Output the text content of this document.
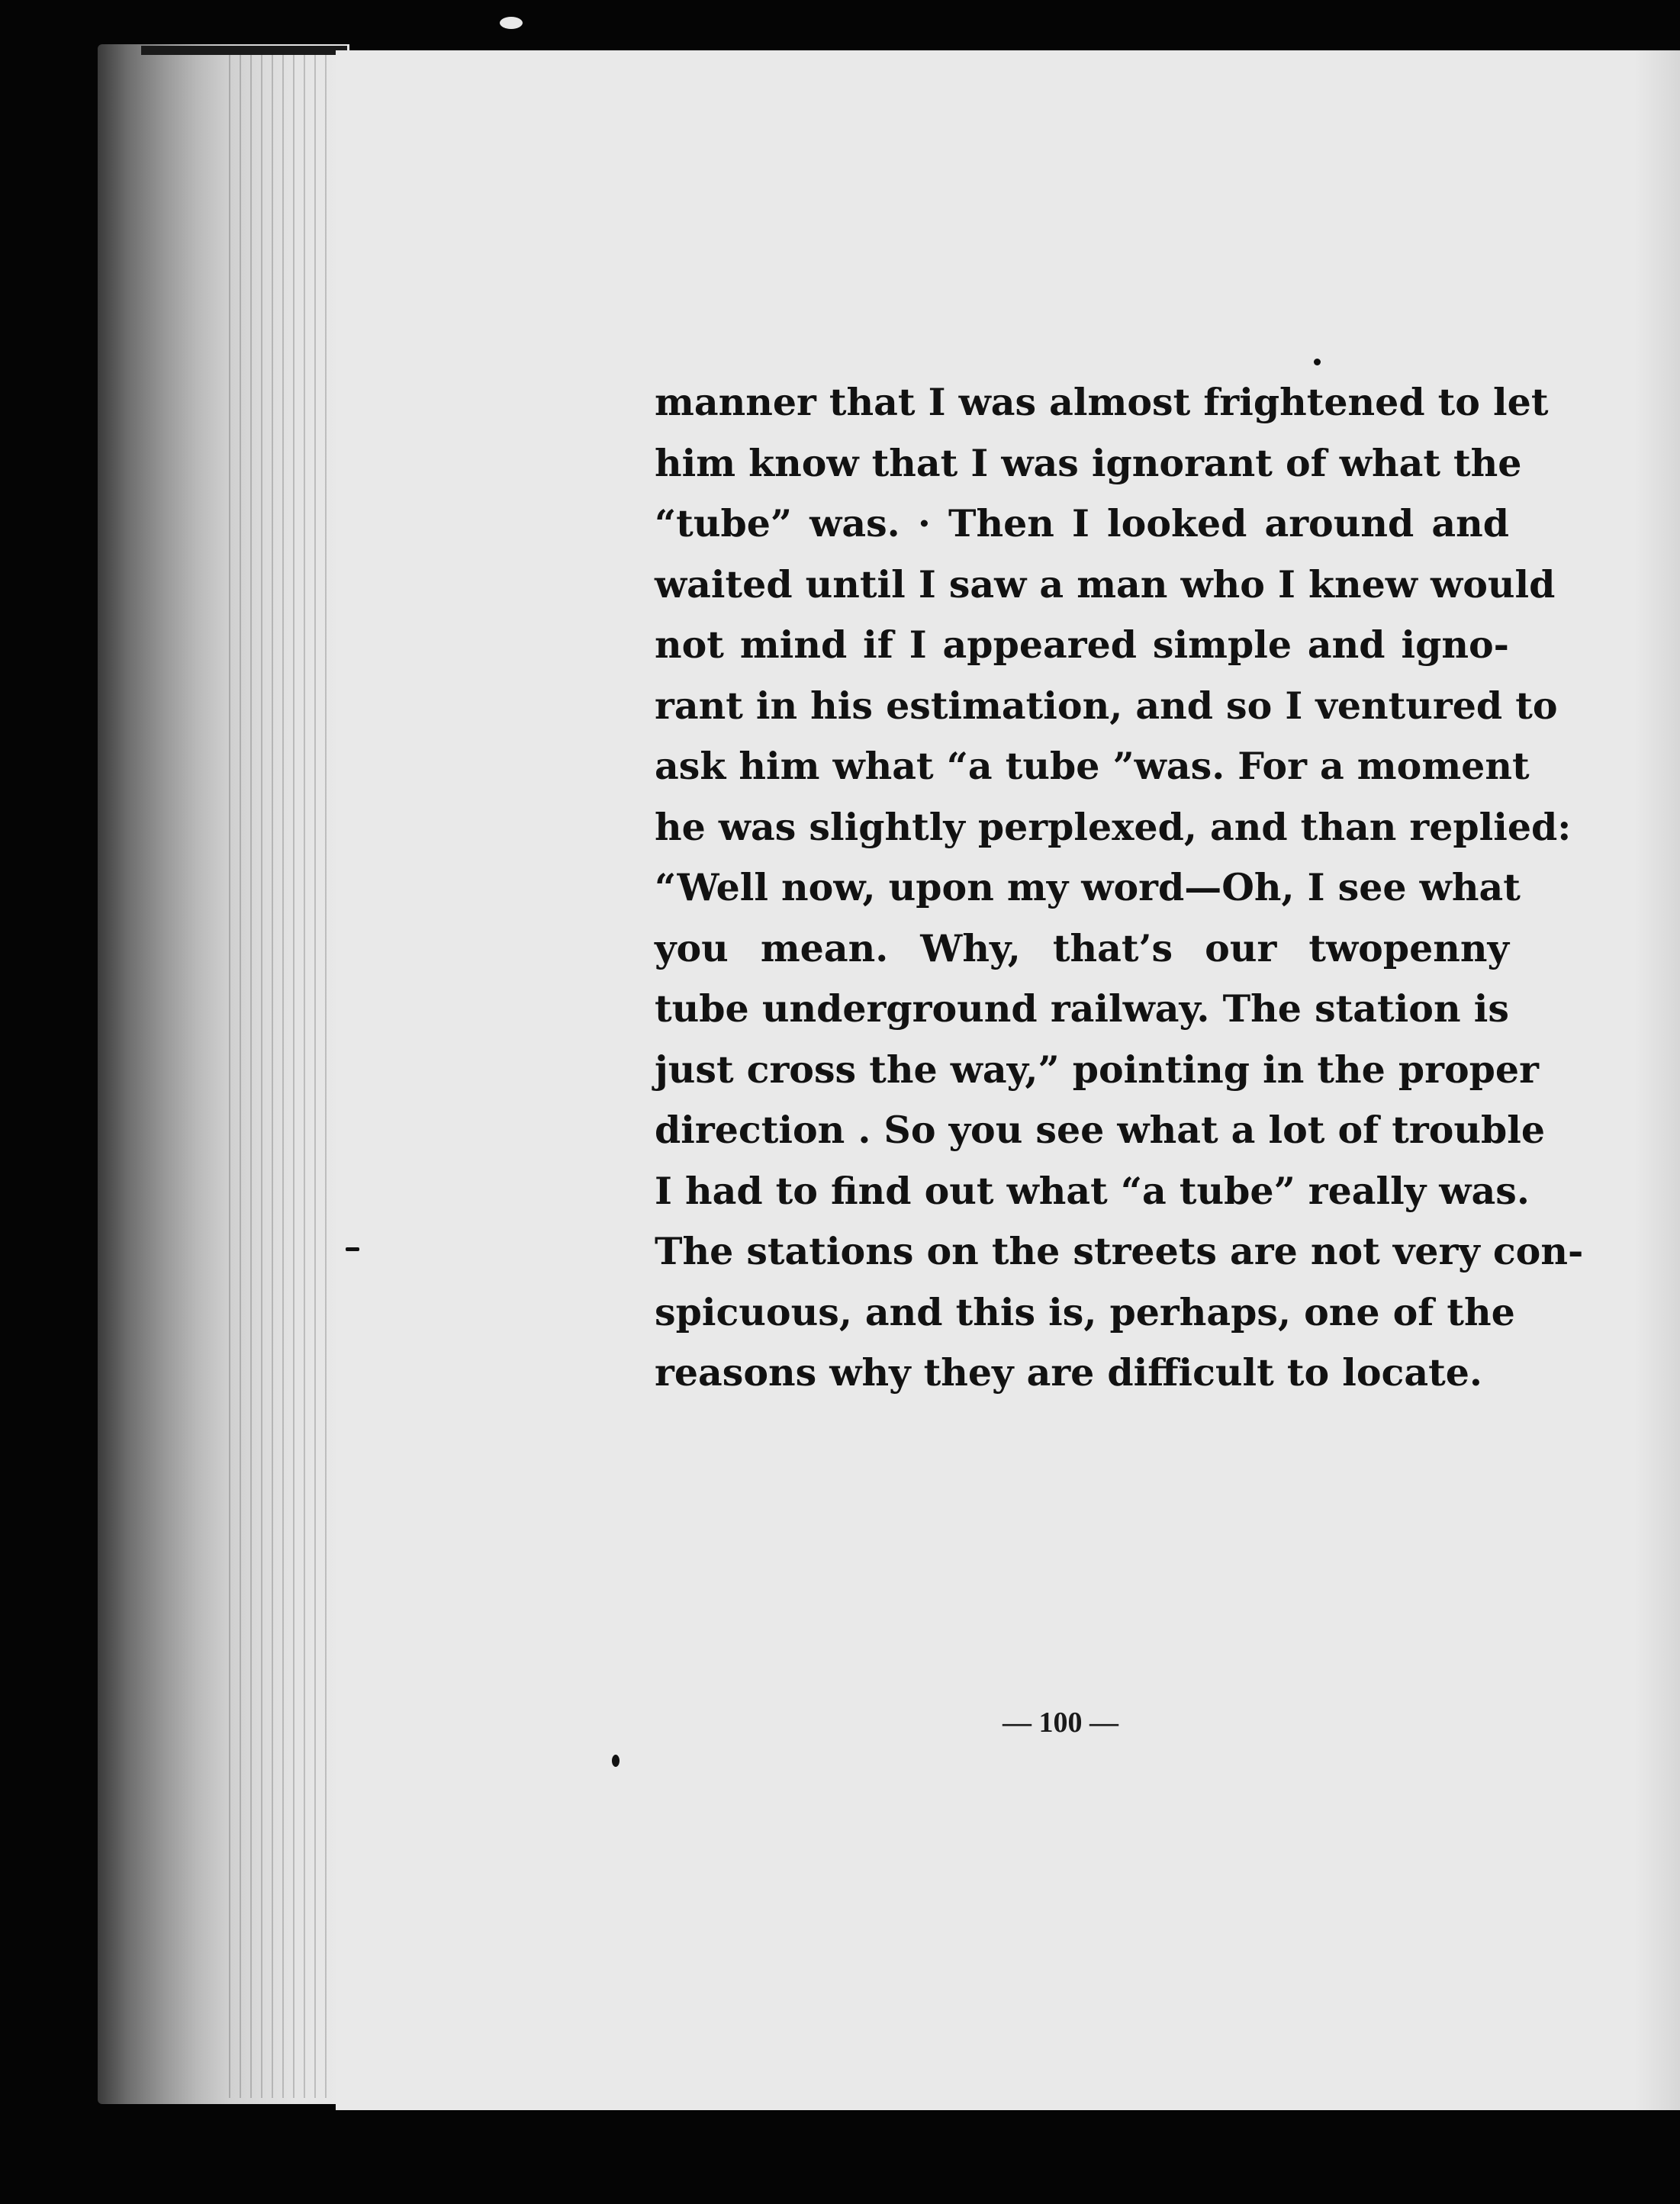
manner that I was almost frightened to let
him know that I was ignorant of what the
“tube” was. · Then I looked around and
waited until I saw a man who I knew would
not mind if I appeared simple and igno-
rant in his estimation, and so I ventured to
ask him what “a tube ”was. For a moment
he was slightly perplexed, and than replied:
“Well now, upon my word—Oh, I see what
you mean. Why, that’s our twopenny
tube underground railway. The station is
just cross the way,” pointing in the proper
direction . So you see what a lot of trouble
I had to find out what “a tube” really was.
The stations on the streets are not very con-
spicuous, and this is, perhaps, one of the
reasons why they are difficult to locate.
— 100 —
